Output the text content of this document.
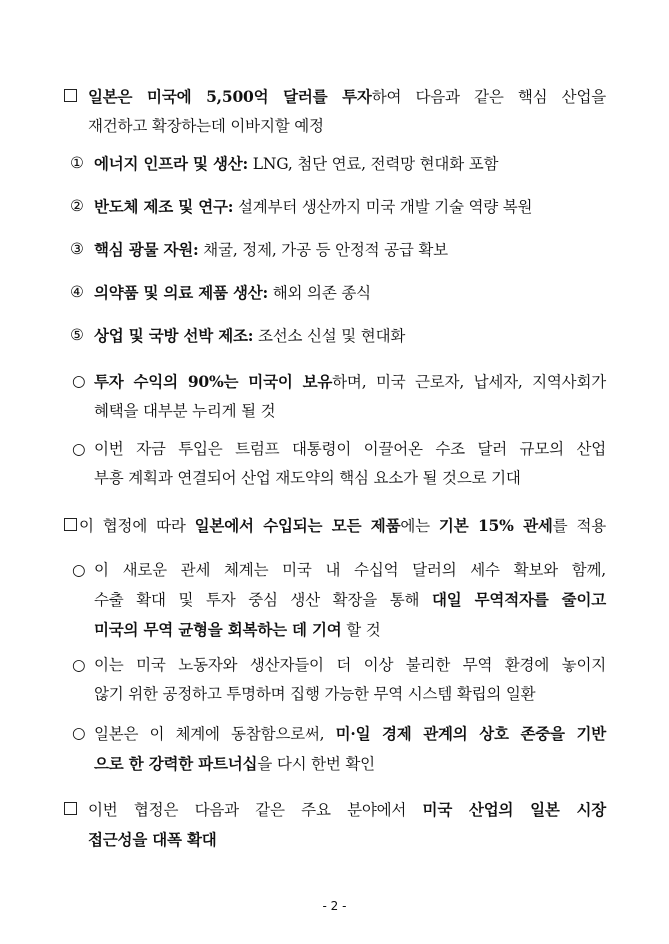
일본은 미국에 5,500억 달러를 투자하여 다음과 같은 핵심 산업을
재건하고 확장하는데 이바지할 예정
① 에너지 인프라 및 생산: LNG, 첨단 연료, 전력망 현대화 포함
② 반도체 제조 및 연구: 설계부터 생산까지 미국 개발 기술 역량 복원
③ 핵심 광물 자원: 채굴, 정제, 가공 등 안정적 공급 확보
④ 의약품 및 의료 제품 생산: 해외 의존 종식
⑤ 상업 및 국방 선박 제조: 조선소 신설 및 현대화
○ 투자 수익의 90%는 미국이 보유하며, 미국 근로자, 납세자, 지역사회가
혜택을 대부분 누리게 될 것
○ 이번 자금 투입은 트럼프 대통령이 이끌어온 수조 달러 규모의 산업
부흥 계획과 연결되어 산업 재도약의 핵심 요소가 될 것으로 기대
이 협정에 따라 일본에서 수입되는 모든 제품에는 기본 15% 관세를 적용
○ 이 새로운 관세 체계는 미국 내 수십억 달러의 세수 확보와 함께,
수출 확대 및 투자 중심 생산 확장을 통해 대일 무역적자를 줄이고
미국의 무역 균형을 회복하는 데 기여 할 것
○ 이는 미국 노동자와 생산자들이 더 이상 불리한 무역 환경에 놓이지
않기 위한 공정하고 투명하며 집행 가능한 무역 시스템 확립의 일환
○ 일본은 이 체계에 동참함으로써, 미·일 경제 관계의 상호 존중을 기반
으로 한 강력한 파트너십을 다시 한번 확인
이번 협정은 다음과 같은 주요 분야에서 미국 산업의 일본 시장
접근성을 대폭 확대
- 2 -
